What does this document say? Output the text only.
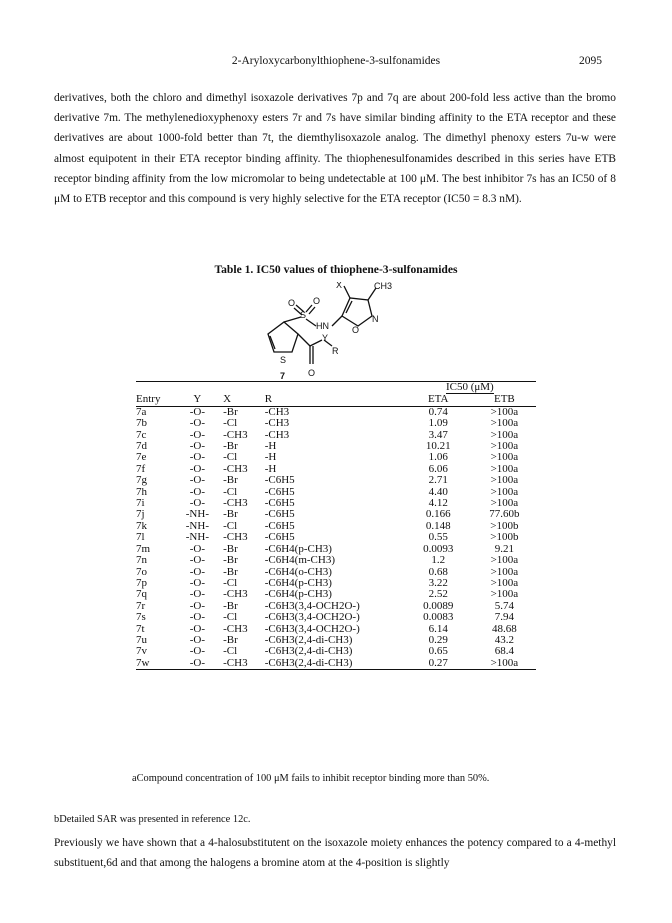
2-Aryloxycarbonylthiophene-3-sulfonamides	2095
derivatives, both the chloro and dimethyl isoxazole derivatives 7p and 7q are about 200-fold less active than the bromo derivative 7m. The methylenedioxyphenoxy esters 7r and 7s have similar binding affinity to the ETA receptor and these derivatives are about 1000-fold better than 7t, the diemthylisoxazole analog. The dimethyl phenoxy esters 7u-w were almost equipotent in their ETA receptor binding affinity. The thiophenesulfonamides described in this series have ETB receptor binding affinity from the low micromolar to being undetectable at 100 μM. The best inhibitor 7s has an IC50 of 8 μM to ETB receptor and this compound is very highly selective for the ETA receptor (IC50 = 8.3 nM).
Table 1. IC50 values of thiophene-3-sulfonamides
X	CH3
O O
S
HN	O
N
S
Y
R
7	O
				IC50 (μM)	
Entry	Y	X	R	ETA	ETB
7a	-O-	-Br	-CH3	0.74	>100a
7b	-O-	-Cl	-CH3	1.09	>100a
7c	-O-	-CH3	-CH3	3.47	>100a
7d	-O-	-Br	-H	10.21	>100a
7e	-O-	-Cl	-H	1.06	>100a
7f	-O-	-CH3	-H	6.06	>100a
7g	-O-	-Br	-C6H5	2.71	>100a
7h	-O-	-Cl	-C6H5	4.40	>100a
7i	-O-	-CH3	-C6H5	4.12	>100a
7j	-NH-	-Br	-C6H5	0.166	77.60b
7k	-NH-	-Cl	-C6H5	0.148	>100b
7l	-NH-	-CH3	-C6H5	0.55	>100b
7m	-O-	-Br	-C6H4(p-CH3)	0.0093	9.21
7n	-O-	-Br	-C6H4(m-CH3)	1.2	>100a
7o	-O-	-Br	-C6H4(o-CH3)	0.68	>100a
7p	-O-	-Cl	-C6H4(p-CH3)	3.22	>100a
7q	-O-	-CH3	-C6H4(p-CH3)	2.52	>100a
7r	-O-	-Br	-C6H3(3,4-OCH2O-)	0.0089	5.74
7s	-O-	-Cl	-C6H3(3,4-OCH2O-)	0.0083	7.94
7t	-O-	-CH3	-C6H3(3,4-OCH2O-)	6.14	48.68
7u	-O-	-Br	-C6H3(2,4-di-CH3)	0.29	43.2
7v	-O-	-Cl	-C6H3(2,4-di-CH3)	0.65	68.4
7w	-O-	-CH3	-C6H3(2,4-di-CH3)	0.27	>100a
aCompound concentration of 100 μM fails to inhibit receptor binding more than 50%.
bDetailed SAR was presented in reference 12c.
Previously we have shown that a 4-halosubstitutent on the isoxazole moiety enhances the potency compared to a 4-methyl substituent,6d and that among the halogens a bromine atom at the 4-position is slightly
